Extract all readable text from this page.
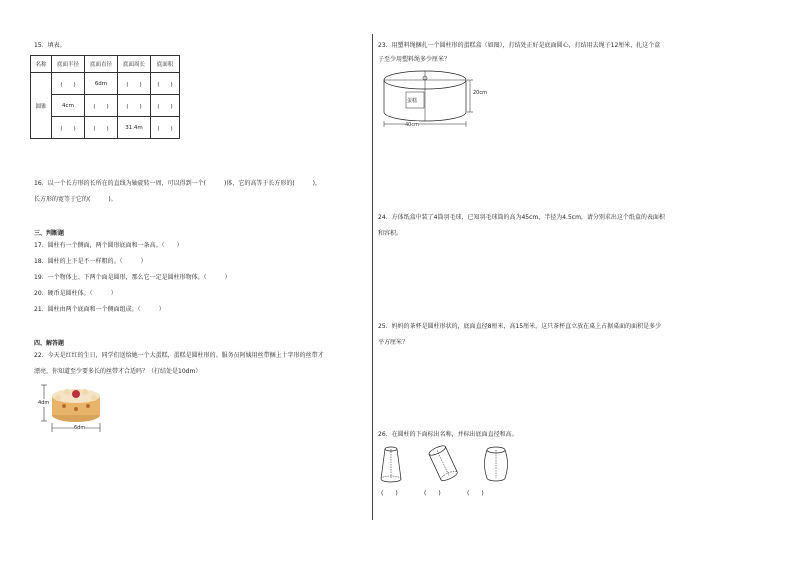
15．填表。
名称	底面半径	底面直径	底面周长	底面积
圆锥	(　　)	6dm	(　　)	(　　)
	4cm	(　　)	(　　)	(　　)
	(　　)	(　　)	31.4m	(　　)
16．以一个长方形的长所在的直线为轴旋转一周，可以得到一个(　　　)体，它的高等于长方形的(　　　)，
长方形的宽等于它的(　　　)。
三、判断题
17．圆柱有一个侧面，两个圆形底面和一条高。（　　）
18．圆柱的上下是不一样粗的。（　　　）
19．一个物体上、下两个面是圆形，那么它一定是圆柱形物体。（　　　）
20．硬币是圆柱体。（　　　）
21．圆柱由两个底面和一个侧面组成。（　　　）
四、解答题
22．今天是红红的生日，同学们送给她一个大蛋糕，蛋糕是圆柱形的。服务员阿姨用丝带捆上十字形的丝带才
漂亮，你知道至少要多长的丝带才合适吗？（打结处是10dm）
4dm
6dm
23．用塑料绳捆扎一个圆柱形的蛋糕盒（如图），打结处正好是底面圆心，打结用去绳子12厘米，扎这个盒
子至少用塑料绳多少厘米？
蛋糕
20cm
40cm
24．方体纸盒中装了4筒羽毛球，已知羽毛球筒的高为45cm，半径为4.5cm，请分别求出这个纸盒的表面积
和容积。
25．妈妈的茶杯是圆柱形状的，底面直径8厘米，高15厘米，这只茶杯直立放在桌上占据桌面的面积是多少
平方厘米？
26．在圆柱的下面标出名称，并标出底面直径和高。
(　　)	(　　)	(　　)
